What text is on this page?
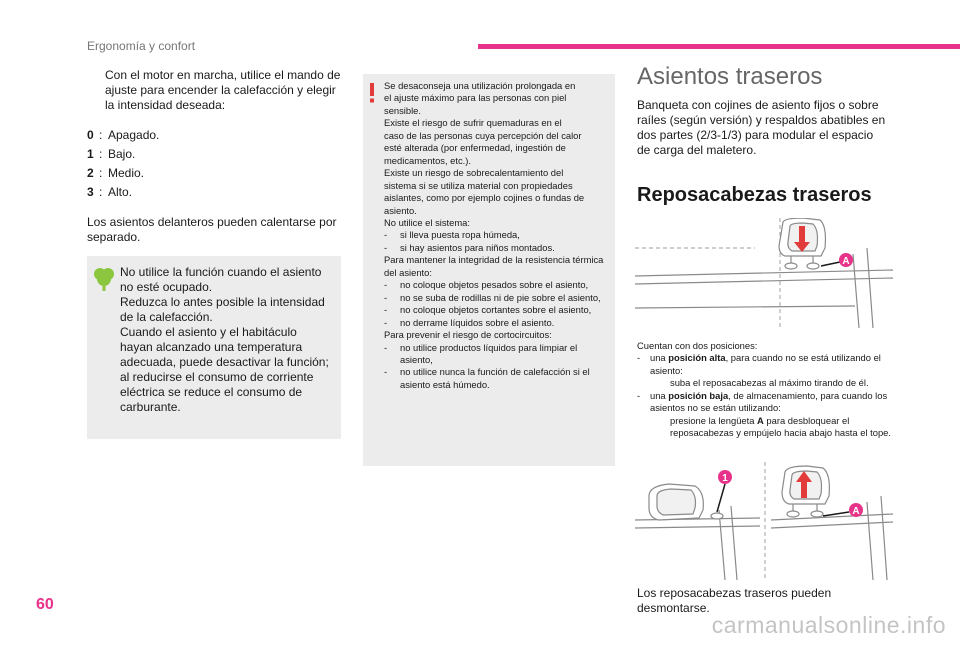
Ergonomía y confort
Con el motor en marcha, utilice el mando de ajuste para encender la calefacción y elegir la intensidad deseada:
0 : Apagado.
1 : Bajo.
2 : Medio.
3 : Alto.

Los asientos delanteros pueden calentarse por separado.

No utilice la función cuando el asiento no esté ocupado.
Reduzca lo antes posible la intensidad de la calefacción.
Cuando el asiento y el habitáculo hayan alcanzado una temperatura adecuada, puede desactivar la función; al reducirse el consumo de corriente eléctrica se reduce el consumo de carburante.
Se desaconseja una utilización prolongada en
el ajuste máximo para las personas con piel
sensible.
Existe el riesgo de sufrir quemaduras en el
caso de las personas cuya percepción del calor
esté alterada (por enfermedad, ingestión de
medicamentos, etc.).
Existe un riesgo de sobrecalentamiento del
sistema si se utiliza material con propiedades
aislantes, como por ejemplo cojines o fundas de
asiento.
No utilice el sistema:
- si lleva puesta ropa húmeda,
- si hay asientos para niños montados.
Para mantener la integridad de la resistencia térmica del asiento:
- no coloque objetos pesados sobre el asiento,
- no se suba de rodillas ni de pie sobre el asiento,
- no coloque objetos cortantes sobre el asiento,
- no derrame líquidos sobre el asiento.
Para prevenir el riesgo de cortocircuitos:
- no utilice productos líquidos para limpiar el asiento,
- no utilice nunca la función de calefacción si el asiento está húmedo.
Asientos traseros

Banqueta con cojines de asiento fijos o sobre raíles (según versión) y respaldos abatibles en dos partes (2/3-1/3) para modular el espacio de carga del maletero.

Reposacabezas traseros
A
Cuentan con dos posiciones:
- una posición alta, para cuando no se está utilizando el asiento:
suba el reposacabezas al máximo tirando de él.
- una posición baja, de almacenamiento, para cuando los asientos no se están utilizando:
presione la lengüeta A para desbloquear el reposacabezas y empújelo hacia abajo hasta el tope.
1
A

Los reposacabezas traseros pueden desmontarse.

60
carmanualsonline.info
